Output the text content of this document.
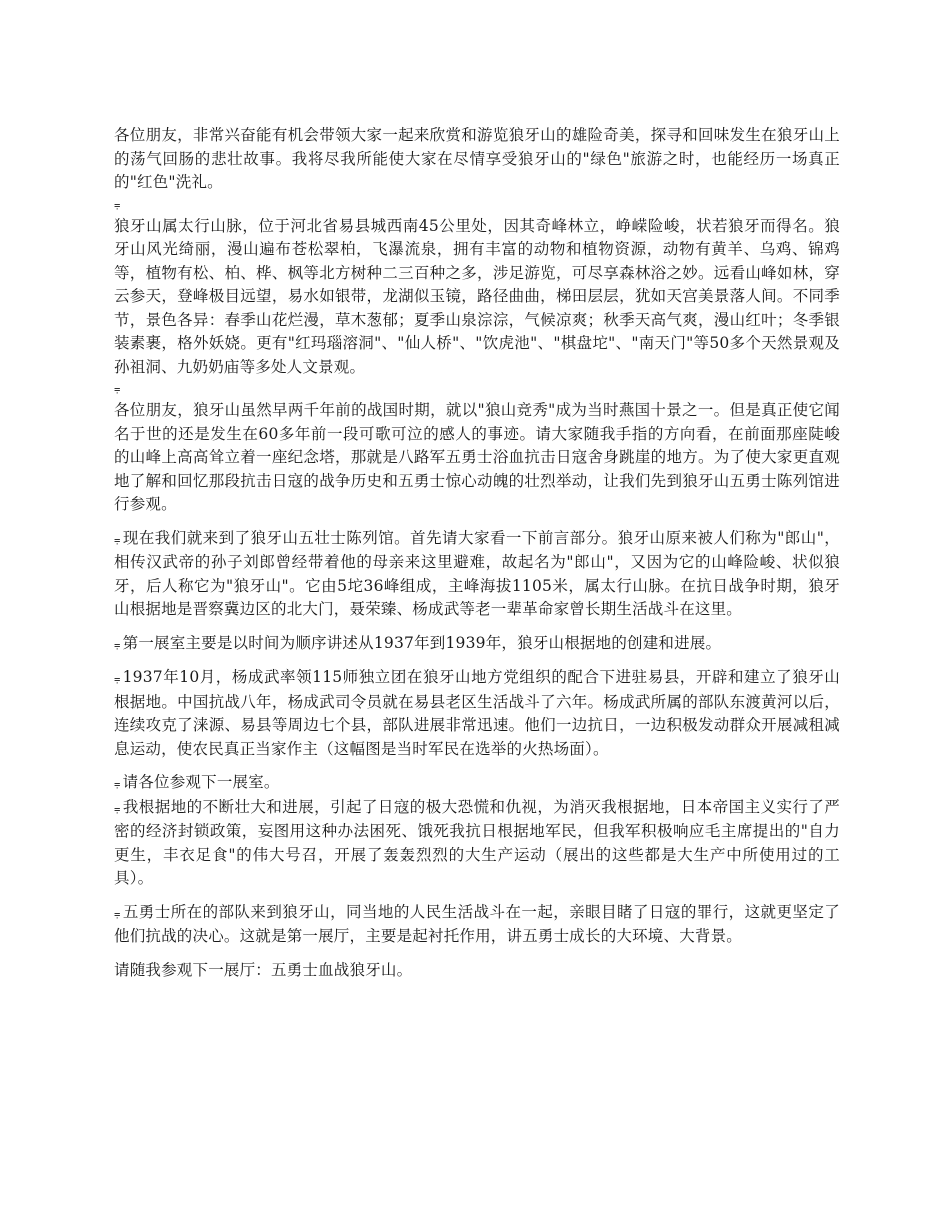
各位朋友，非常兴奋能有机会带领大家一起来欣赏和游览狼牙山的雄险奇美，探寻和回味发生在狼牙山上的荡气回肠的悲壮故事。我将尽我所能使大家在尽情享受狼牙山的"绿色"旅游之时，也能经历一场真正的"红色"洗礼。

⩦

狼牙山属太行山脉，位于河北省易县城西南45公里处，因其奇峰林立，峥嵘险峻，状若狼牙而得名。狼牙山风光绮丽，漫山遍布苍松翠柏，飞瀑流泉，拥有丰富的动物和植物资源，动物有黄羊、乌鸡、锦鸡等，植物有松、柏、桦、枫等北方树种二三百种之多，涉足游览，可尽享森林浴之妙。远看山峰如林，穿云参天，登峰极目远望，易水如银带，龙湖似玉镜，路径曲曲，梯田层层，犹如天宫美景落人间。不同季节，景色各异：春季山花烂漫，草木葱郁；夏季山泉淙淙，气候凉爽；秋季天高气爽，漫山红叶；冬季银装素裹，格外妖娆。更有"红玛瑙溶洞"、"仙人桥"、"饮虎池"、"棋盘坨"、"南天门"等50多个天然景观及孙祖洞、九奶奶庙等多处人文景观。

⩦

各位朋友，狼牙山虽然早两千年前的战国时期，就以"狼山竞秀"成为当时燕国十景之一。但是真正使它闻名于世的还是发生在60多年前一段可歌可泣的感人的事迹。请大家随我手指的方向看，在前面那座陡峻的山峰上高高耸立着一座纪念塔，那就是八路军五勇士浴血抗击日寇舍身跳崖的地方。为了使大家更直观地了解和回忆那段抗击日寇的战争历史和五勇士惊心动魄的壮烈举动，让我们先到狼牙山五勇士陈列馆进行参观。

⩦ 现在我们就来到了狼牙山五壮士陈列馆。首先请大家看一下前言部分。狼牙山原来被人们称为"郎山"，相传汉武帝的孙子刘郎曾经带着他的母亲来这里避难，故起名为"郎山"，又因为它的山峰险峻、状似狼牙，后人称它为"狼牙山"。它由5坨36峰组成，主峰海拔1105米，属太行山脉。在抗日战争时期，狼牙山根据地是晋察冀边区的北大门，聂荣臻、杨成武等老一辈革命家曾长期生活战斗在这里。

⩦ 第一展室主要是以时间为顺序讲述从1937年到1939年，狼牙山根据地的创建和进展。

⩦ 1937年10月，杨成武率领115师独立团在狼牙山地方党组织的配合下进驻易县，开辟和建立了狼牙山根据地。中国抗战八年，杨成武司令员就在易县老区生活战斗了六年。杨成武所属的部队东渡黄河以后，连续攻克了涞源、易县等周边七个县，部队进展非常迅速。他们一边抗日，一边积极发动群众开展减租减息运动，使农民真正当家作主（这幅图是当时军民在选举的火热场面）。

⩦ 请各位参观下一展室。

⩦ 我根据地的不断壮大和进展，引起了日寇的极大恐慌和仇视，为消灭我根据地，日本帝国主义实行了严密的经济封锁政策，妄图用这种办法困死、饿死我抗日根据地军民，但我军积极响应毛主席提出的"自力更生，丰衣足食"的伟大号召，开展了轰轰烈烈的大生产运动（展出的这些都是大生产中所使用过的工具）。

⩦ 五勇士所在的部队来到狼牙山，同当地的人民生活战斗在一起，亲眼目睹了日寇的罪行，这就更坚定了他们抗战的决心。这就是第一展厅，主要是起衬托作用，讲五勇士成长的大环境、大背景。

请随我参观下一展厅：五勇士血战狼牙山。
